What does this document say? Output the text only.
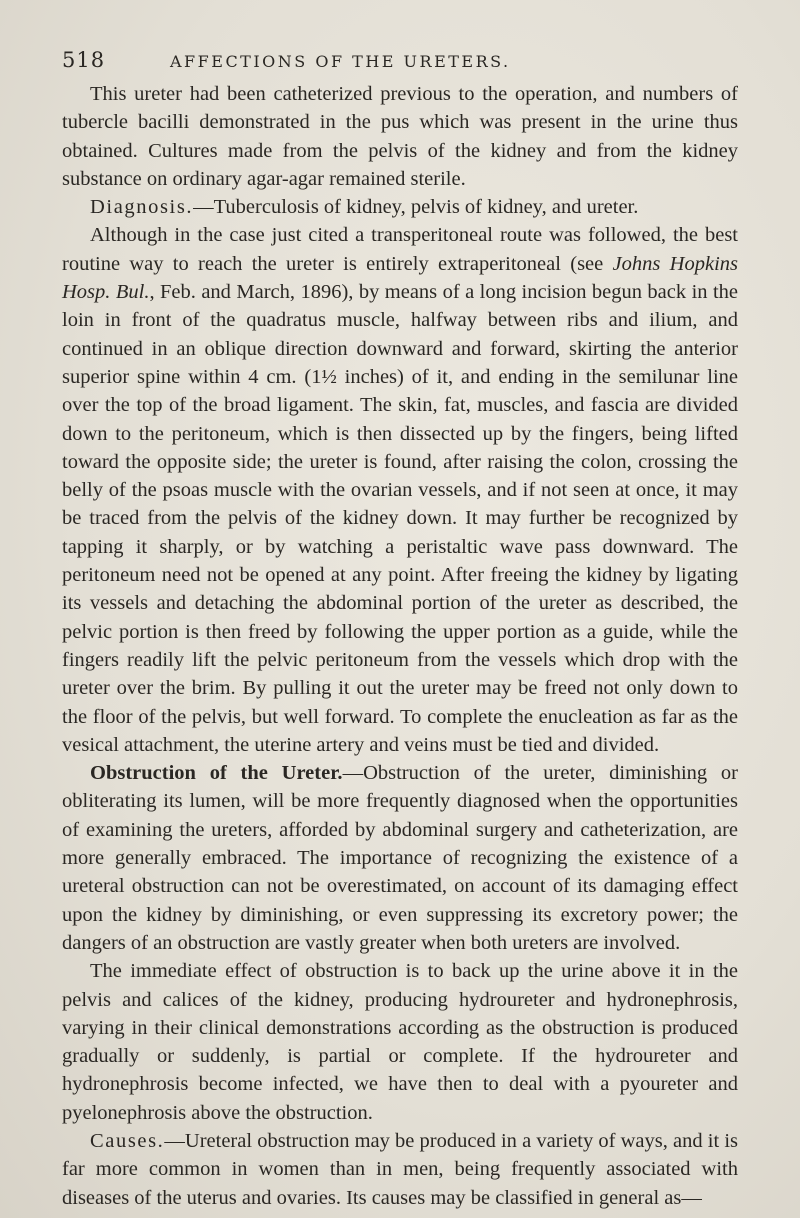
518	AFFECTIONS OF THE URETERS.

This ureter had been catheterized previous to the operation, and numbers of tubercle bacilli demonstrated in the pus which was present in the urine thus obtained. Cultures made from the pelvis of the kidney and from the kidney substance on ordinary agar-agar remained sterile.

Diagnosis.—Tuberculosis of kidney, pelvis of kidney, and ureter.

Although in the case just cited a transperitoneal route was followed, the best routine way to reach the ureter is entirely extraperitoneal (see Johns Hopkins Hosp. Bul., Feb. and March, 1896), by means of a long incision begun back in the loin in front of the quadratus muscle, halfway between ribs and ilium, and continued in an oblique direction downward and forward, skirting the anterior superior spine within 4 cm. (1½ inches) of it, and ending in the semilunar line over the top of the broad ligament. The skin, fat, muscles, and fascia are divided down to the peritoneum, which is then dissected up by the fingers, being lifted toward the opposite side; the ureter is found, after raising the colon, crossing the belly of the psoas muscle with the ovarian vessels, and if not seen at once, it may be traced from the pelvis of the kidney down. It may further be recognized by tapping it sharply, or by watching a peristaltic wave pass downward. The peritoneum need not be opened at any point. After freeing the kidney by ligating its vessels and detaching the abdominal portion of the ureter as described, the pelvic portion is then freed by following the upper portion as a guide, while the fingers readily lift the pelvic peritoneum from the vessels which drop with the ureter over the brim. By pulling it out the ureter may be freed not only down to the floor of the pelvis, but well forward. To complete the enucleation as far as the vesical attachment, the uterine artery and veins must be tied and divided.

Obstruction of the Ureter.—Obstruction of the ureter, diminishing or obliterating its lumen, will be more frequently diagnosed when the opportunities of examining the ureters, afforded by abdominal surgery and catheterization, are more generally embraced. The importance of recognizing the existence of a ureteral obstruction can not be overestimated, on account of its damaging effect upon the kidney by diminishing, or even suppressing its excretory power; the dangers of an obstruction are vastly greater when both ureters are involved.

The immediate effect of obstruction is to back up the urine above it in the pelvis and calices of the kidney, producing hydroureter and hydronephrosis, varying in their clinical demonstrations according as the obstruction is produced gradually or suddenly, is partial or complete. If the hydroureter and hydronephrosis become infected, we have then to deal with a pyoureter and pyelonephrosis above the obstruction.

Causes.—Ureteral obstruction may be produced in a variety of ways, and it is far more common in women than in men, being frequently associated with diseases of the uterus and ovaries. Its causes may be classified in general as—
